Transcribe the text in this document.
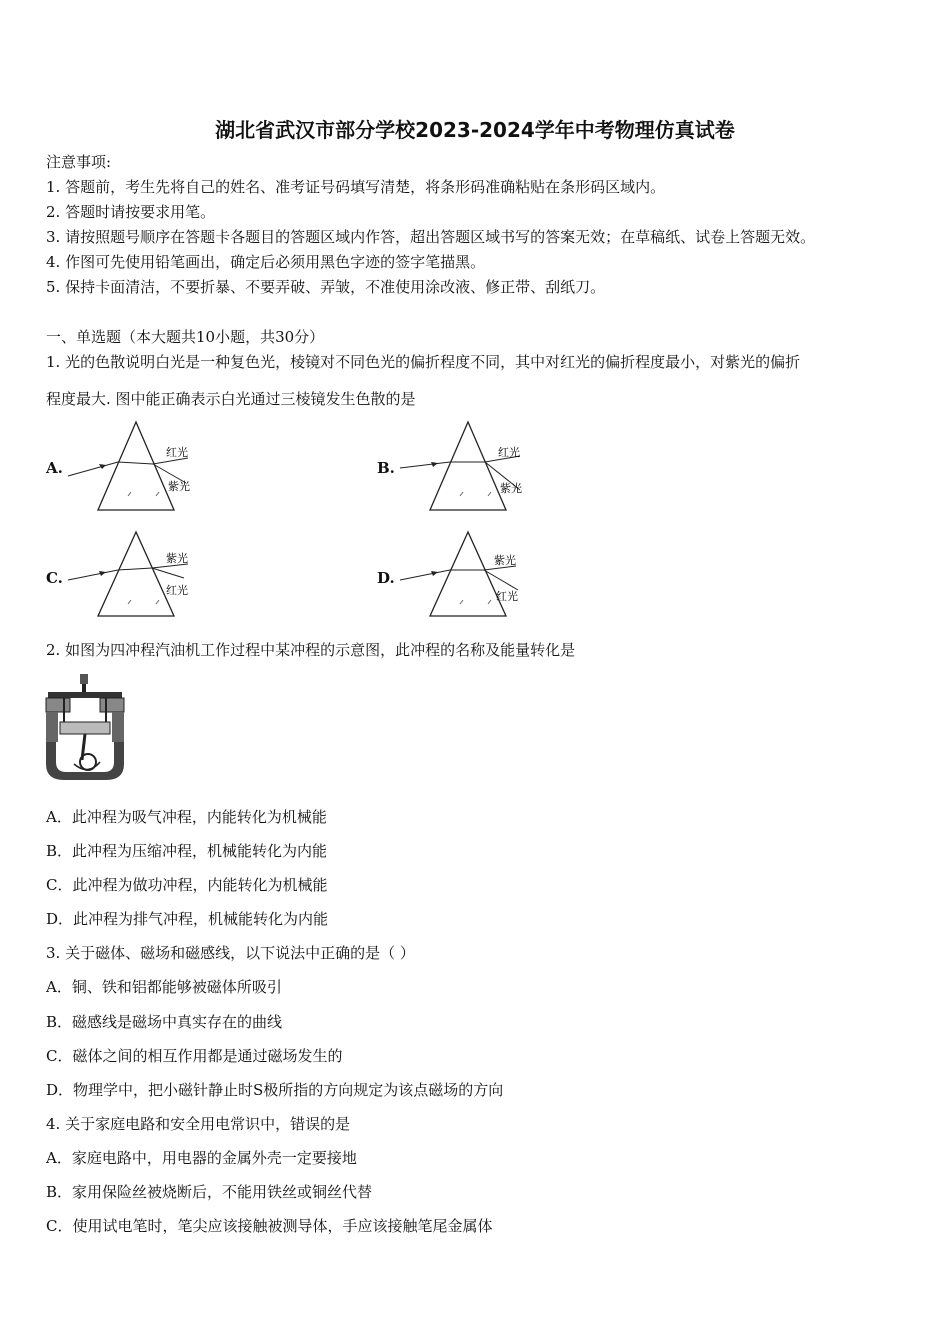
湖北省武汉市部分学校2023-2024学年中考物理仿真试卷
注意事项:
1. 答题前，考生先将自己的姓名、准考证号码填写清楚，将条形码准确粘贴在条形码区域内。
2. 答题时请按要求用笔。
3. 请按照题号顺序在答题卡各题目的答题区域内作答，超出答题区域书写的答案无效；在草稿纸、试卷上答题无效。
4. 作图可先使用铅笔画出，确定后必须用黑色字迹的签字笔描黑。
5. 保持卡面清洁，不要折暴、不要弄破、弄皱，不准使用涂改液、修正带、刮纸刀。
一、单选题（本大题共10小题，共30分）
1. 光的色散说明白光是一种复色光，棱镜对不同色光的偏折程度不同，其中对红光的偏折程度最小，对紫光的偏折
程度最大. 图中能正确表示白光通过三棱镜发生色散的是
A.	B.
C.	D.
红光
紫光
红光
紫光
紫光
红光
紫光
红光
2. 如图为四冲程汽油机工作过程中某冲程的示意图，此冲程的名称及能量转化是
A．此冲程为吸气冲程，内能转化为机械能
B．此冲程为压缩冲程，机械能转化为内能
C．此冲程为做功冲程，内能转化为机械能
D．此冲程为排气冲程，机械能转化为内能
3. 关于磁体、磁场和磁感线，以下说法中正确的是（ ）
A．铜、铁和铝都能够被磁体所吸引
B．磁感线是磁场中真实存在的曲线
C．磁体之间的相互作用都是通过磁场发生的
D．物理学中，把小磁针静止时S极所指的方向规定为该点磁场的方向
4. 关于家庭电路和安全用电常识中，错误的是
A．家庭电路中，用电器的金属外壳一定要接地
B．家用保险丝被烧断后，不能用铁丝或铜丝代替
C．使用试电笔时，笔尖应该接触被测导体，手应该接触笔尾金属体
